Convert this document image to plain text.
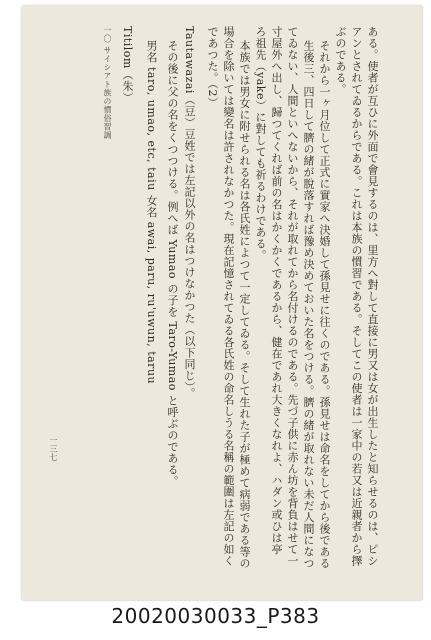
ある。使者が互ひに外面で會見するのは、里方へ對して直接に男又は女が出生したと知らせるのは、ピシ
アンとされてゐるからである。これは本族の慣習である。そしてこの使者は一家中の若又は近親者から擇
ぶのである。
それから一ヶ月位して正式に實家へ決婚して孫見せに往くのである。孫見せは命名をしてから後である
生後三、四日して臍の緒が脫落すれば豫め決めておいた名をつける。臍の緒が取れない未だ人間になつ
てゐない、人間といへないから、それが取れてから名付けるのである。先づ子供に赤ん坊を背負はせて一
寸屋外へ出し、歸つてくれば前の名はかくかくであるから、健在であれ大きくなれよ、ハダン或ひは亭
ろ祖先（yake）に對しても祈るわけである。
本族では男女に附せられる名は各氏姓によつて一定してゐる。そして生れた子が極めて病弱である等の
場合を除いては變名は許されなかつた。現在記憶されてゐる各氏姓の命名しうる名稱の範圍は左記の如く
であつた。（2）
Tautawazai（豆）豆姓では左記以外の名はつけなかつた（以下同じ）。
その後に父の名をくつつける。例へば Yumao の子を Taro-Yumao と呼ぶのである。
男名 taro, umao, etc, taiu 女名 awai, paru, ru'uwun, taruu
Titilom（朱）
一〇 サイシアト族の慣俗習調
一三七
20020030033_P383
